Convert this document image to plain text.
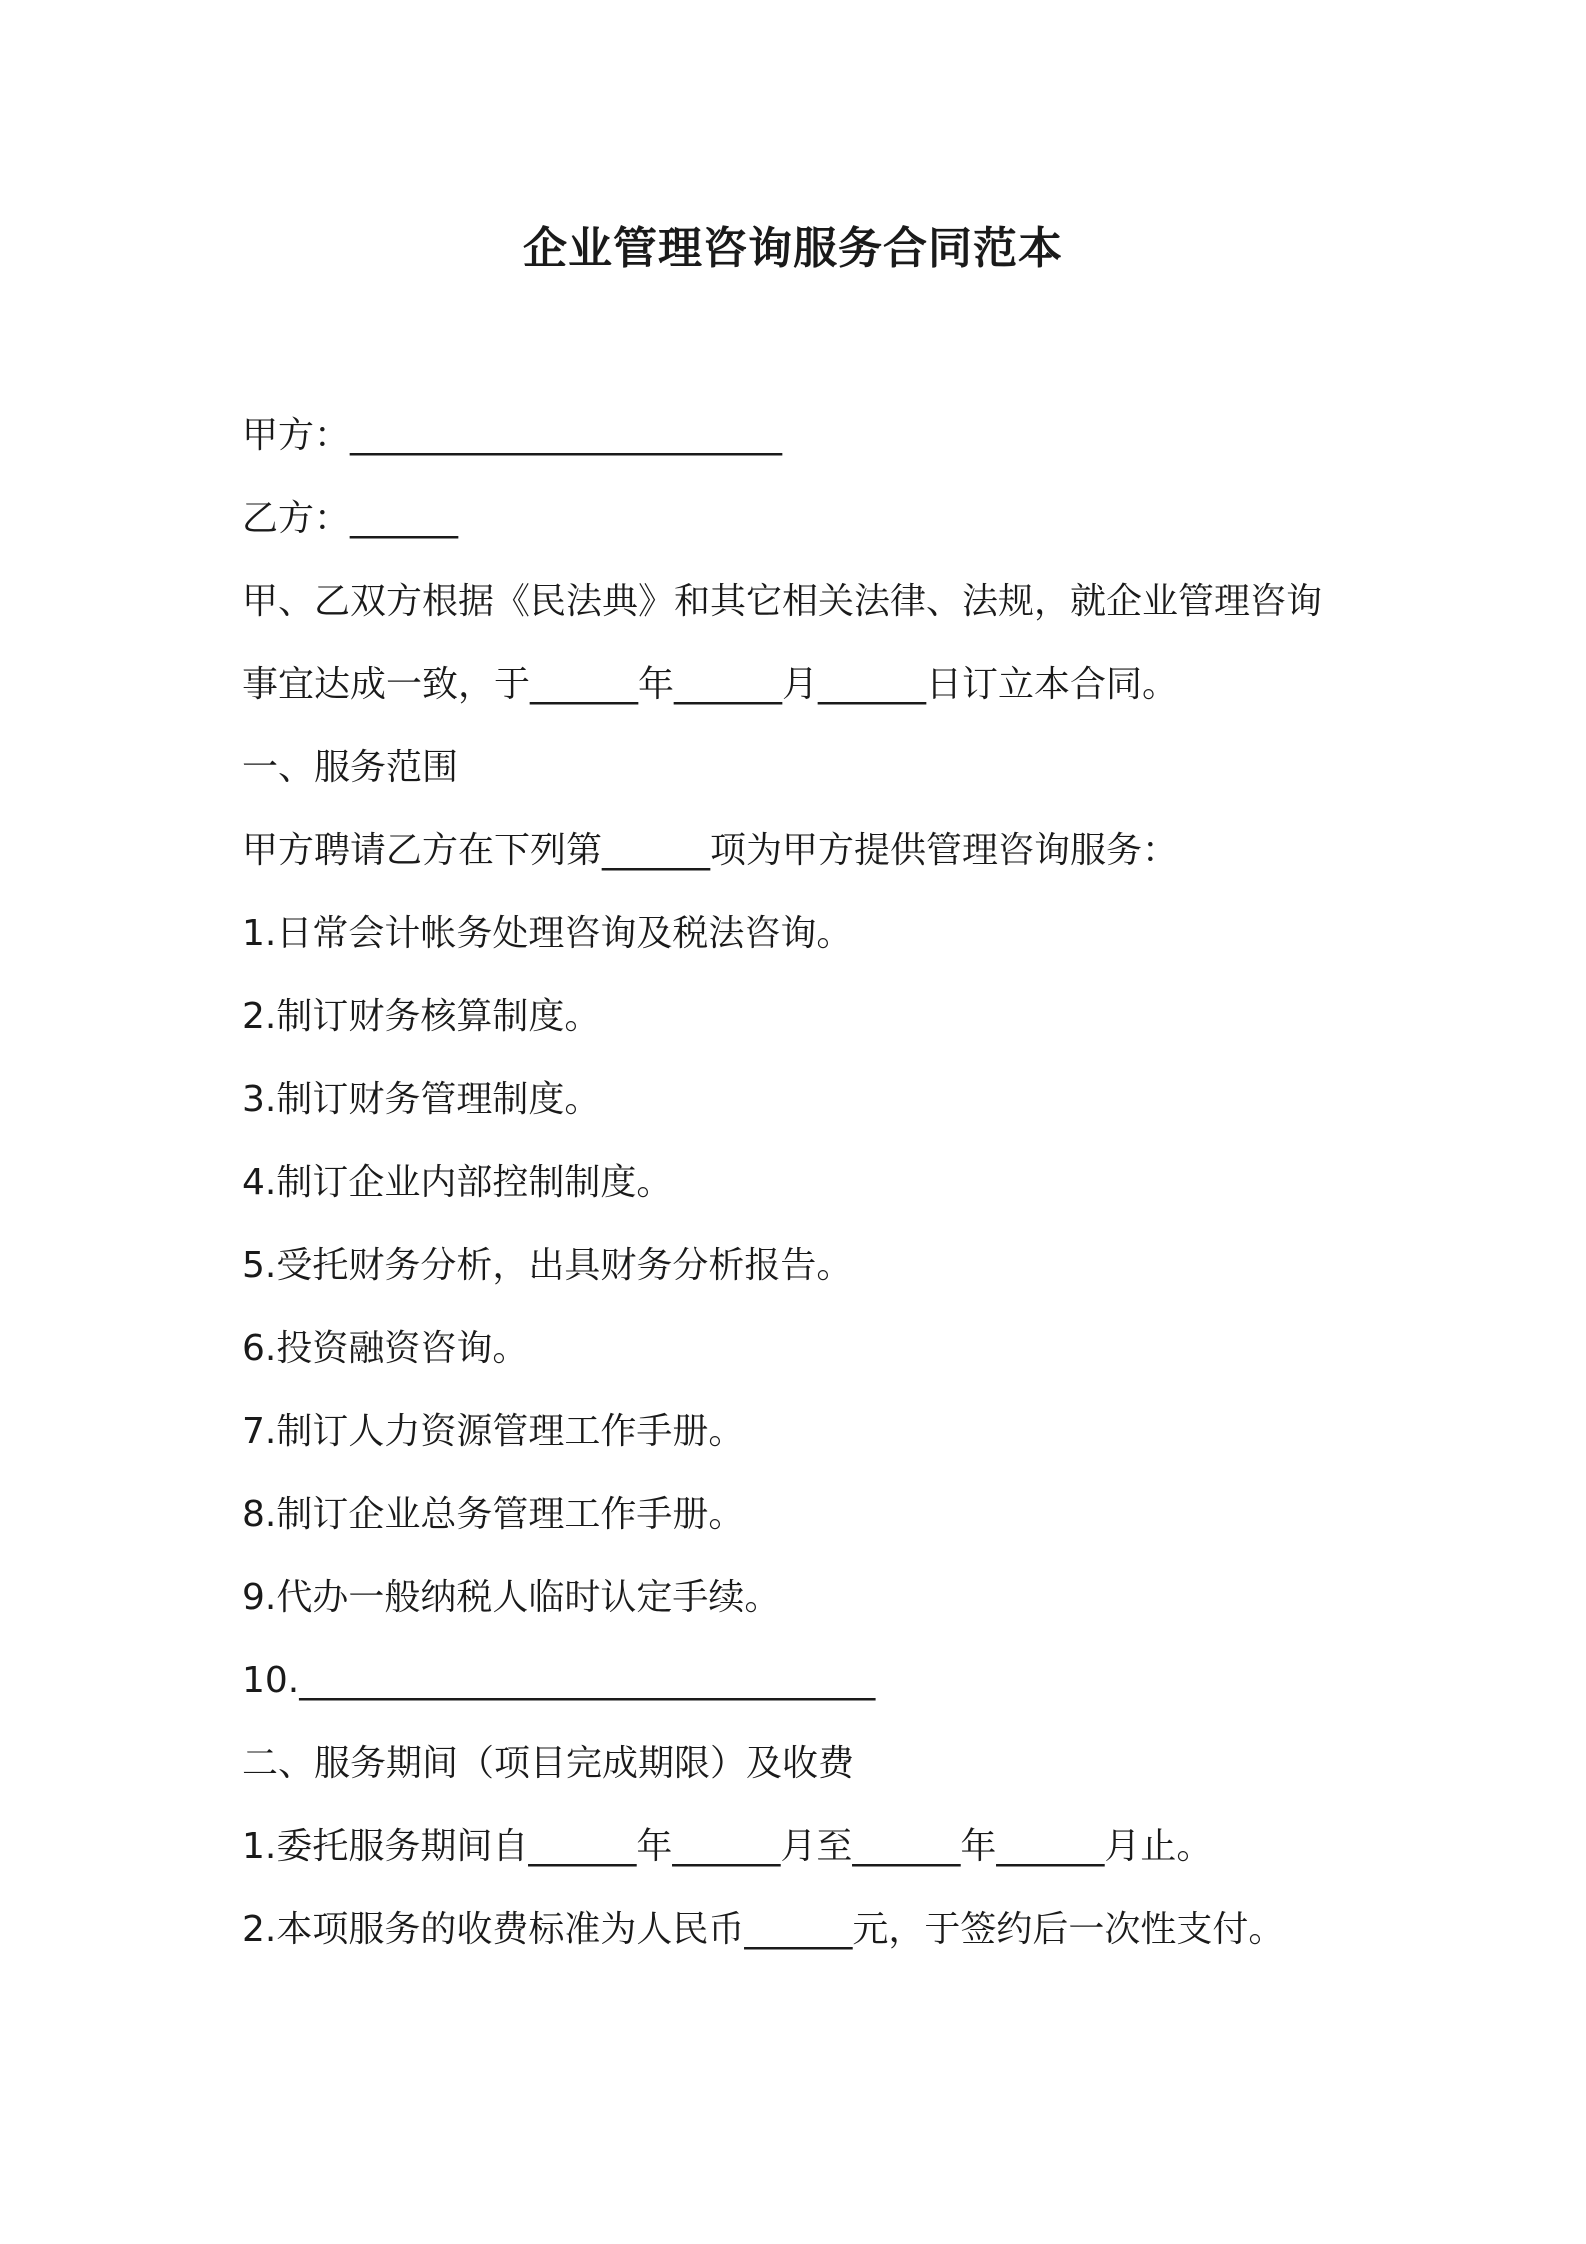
企业管理咨询服务合同范本
甲方：________________________
乙方：______
甲、乙双方根据《民法典》和其它相关法律、法规，就企业管理咨询
事宜达成一致，于______年______月______日订立本合同。
一、服务范围
甲方聘请乙方在下列第______项为甲方提供管理咨询服务：
1.日常会计帐务处理咨询及税法咨询。
2.制订财务核算制度。
3.制订财务管理制度。
4.制订企业内部控制制度。
5.受托财务分析，出具财务分析报告。
6.投资融资咨询。
7.制订人力资源管理工作手册。
8.制订企业总务管理工作手册。
9.代办一般纳税人临时认定手续。
10.________________________________
二、服务期间（项目完成期限）及收费
1.委托服务期间自______年______月至______年______月止。
2.本项服务的收费标准为人民币______元，于签约后一次性支付。
